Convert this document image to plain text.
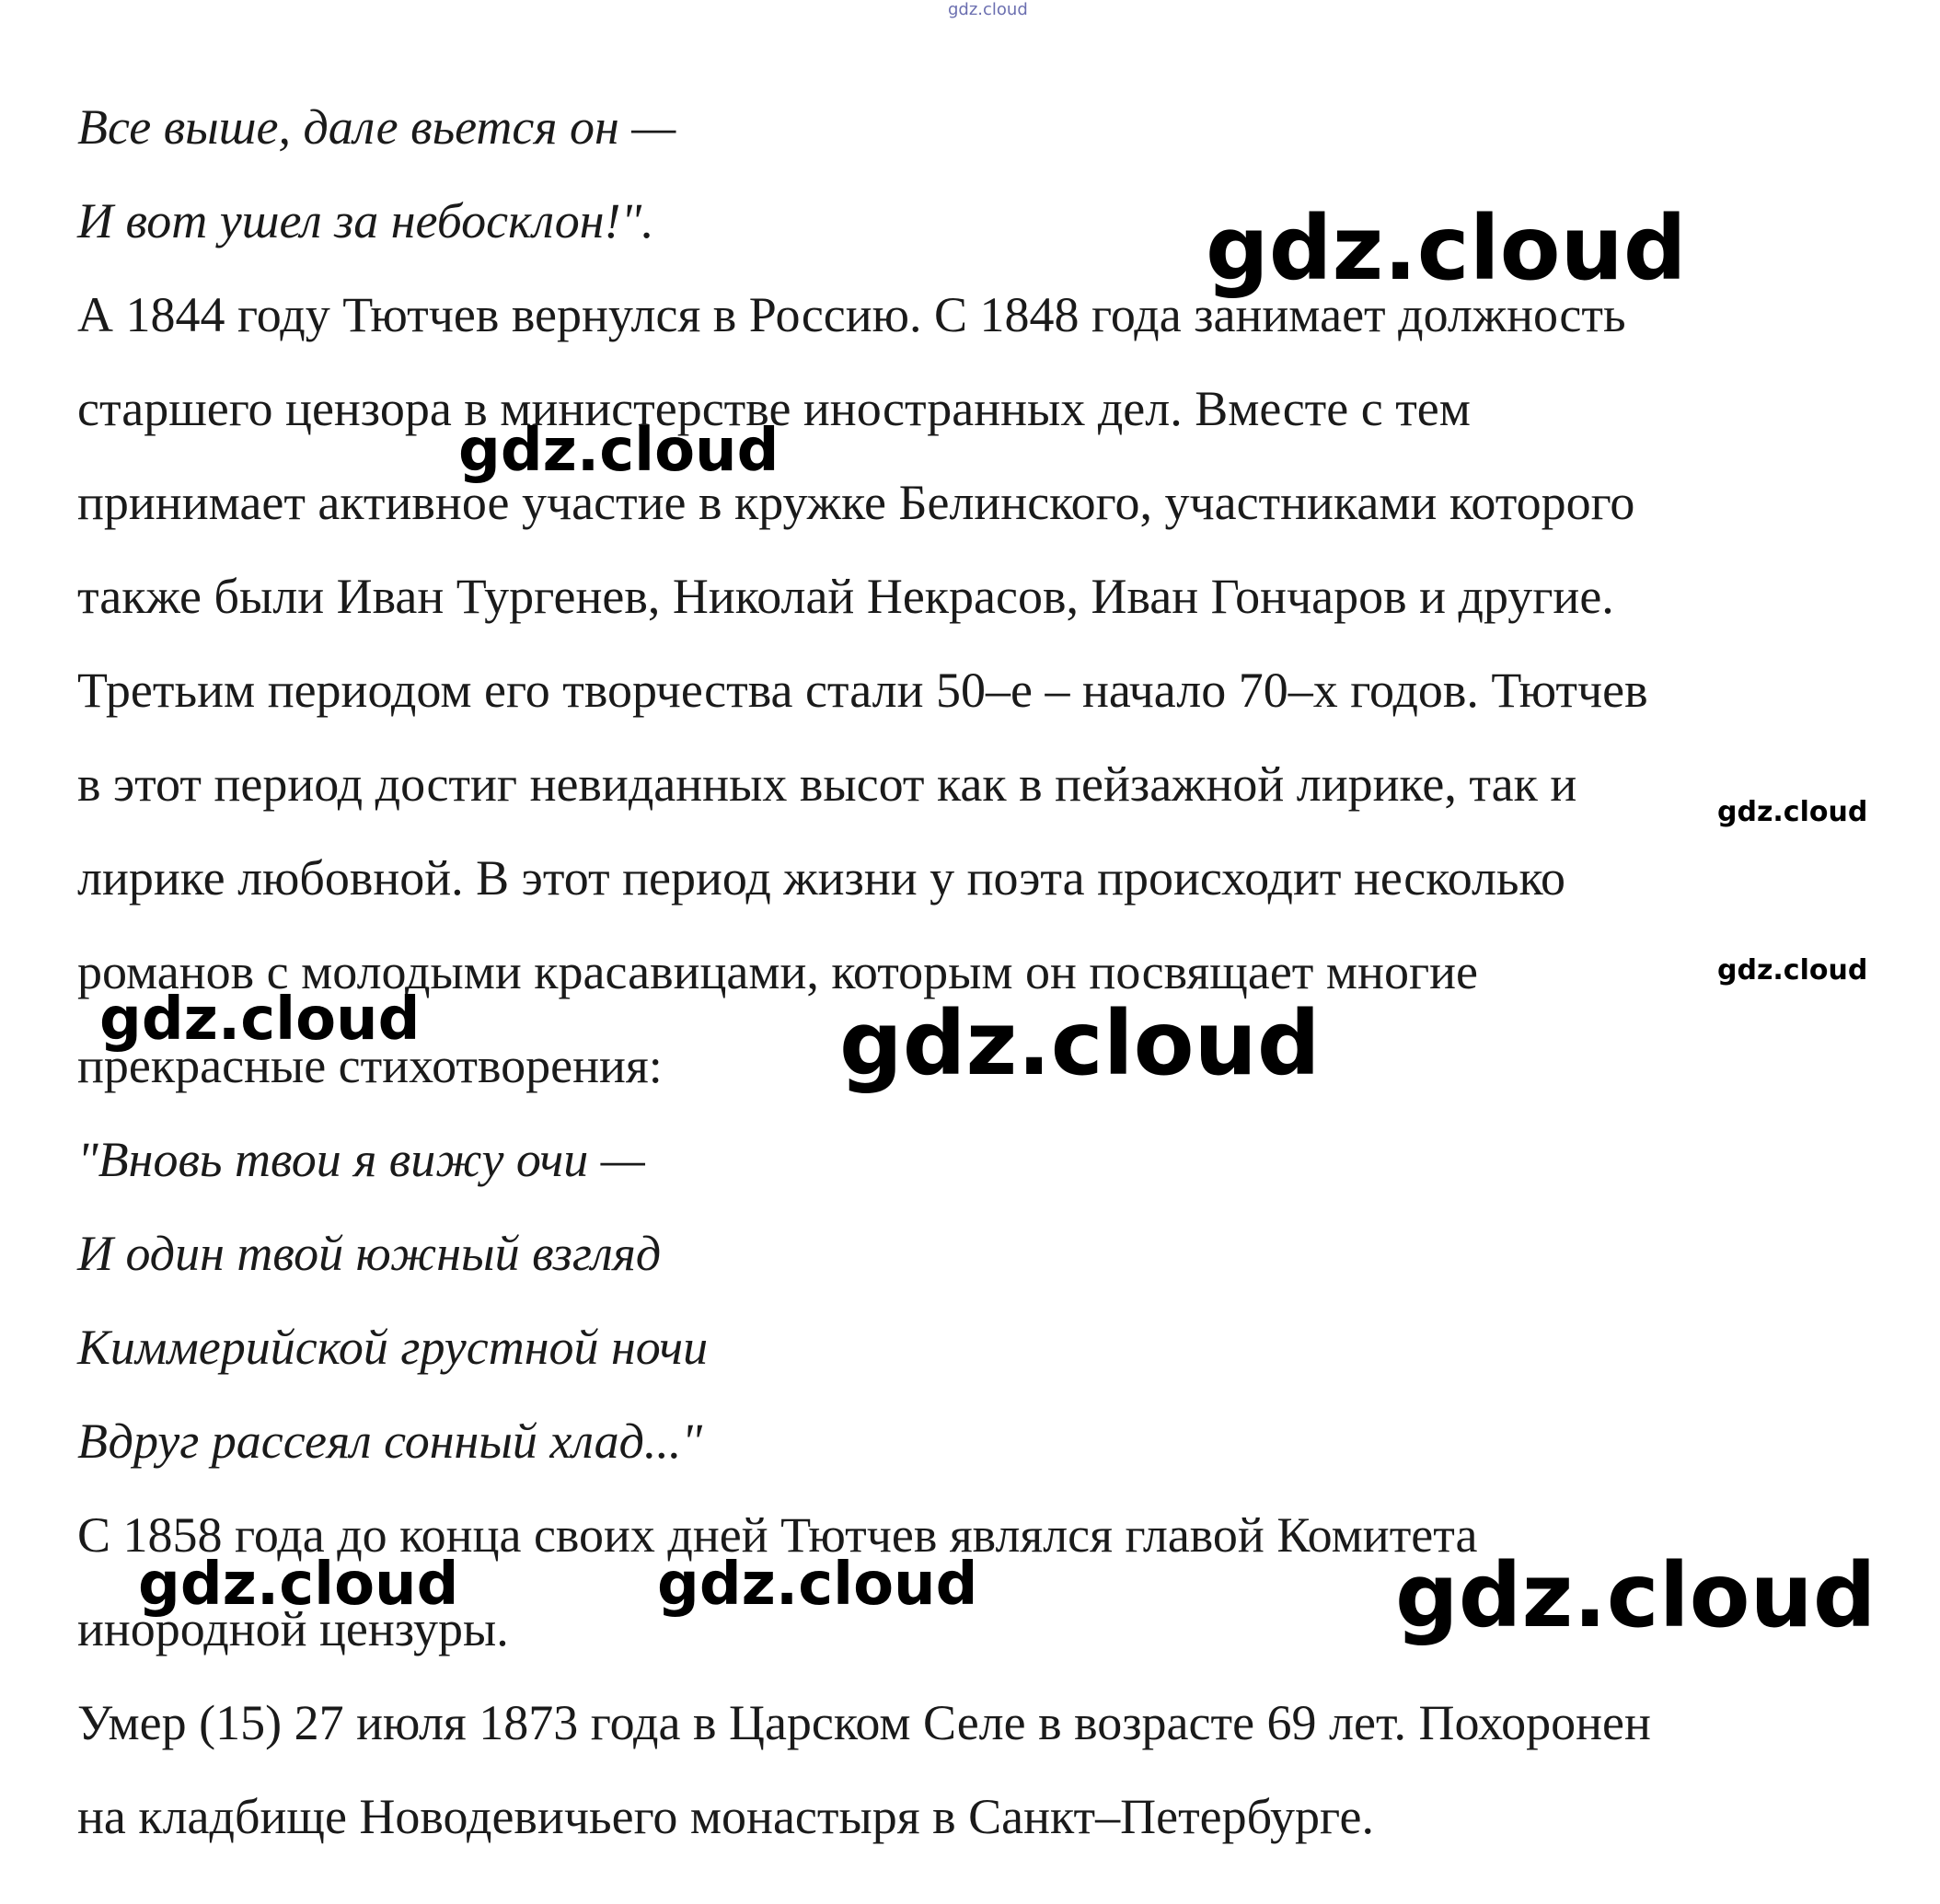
Все выше, дале вьется он —

И вот ушел за небосклон!".

А 1844 году Тютчев вернулся в Россию. С 1848 года занимает должность

старшего цензора в министерстве иностранных дел. Вместе с тем

принимает активное участие в кружке Белинского, участниками которого

также были Иван Тургенев, Николай Некрасов, Иван Гончаров и другие.

Третьим периодом его творчества стали 50–е – начало 70–х годов. Тютчев

в этот период достиг невиданных высот как в пейзажной лирике, так и

лирике любовной. В этот период жизни у поэта происходит несколько

романов с молодыми красавицами, которым он посвящает многие

прекрасные стихотворения:

"Вновь твои я вижу очи —

И один твой южный взгляд

Киммерийской грустной ночи

Вдруг рассеял сонный хлад..."

С 1858 года до конца своих дней Тютчев являлся главой Комитета

инородной цензуры.

Умер (15) 27 июля 1873 года в Царском Селе в возрасте 69 лет. Похоронен

на кладбище Новодевичьего монастыря в Санкт–Петербурге.

gdz.cloud
gdz.cloud
gdz.cloud
gdz.cloud
gdz.cloud
gdz.cloud	gdz.cloud
gdz.cloud	gdz.cloud	gdz.cloud
